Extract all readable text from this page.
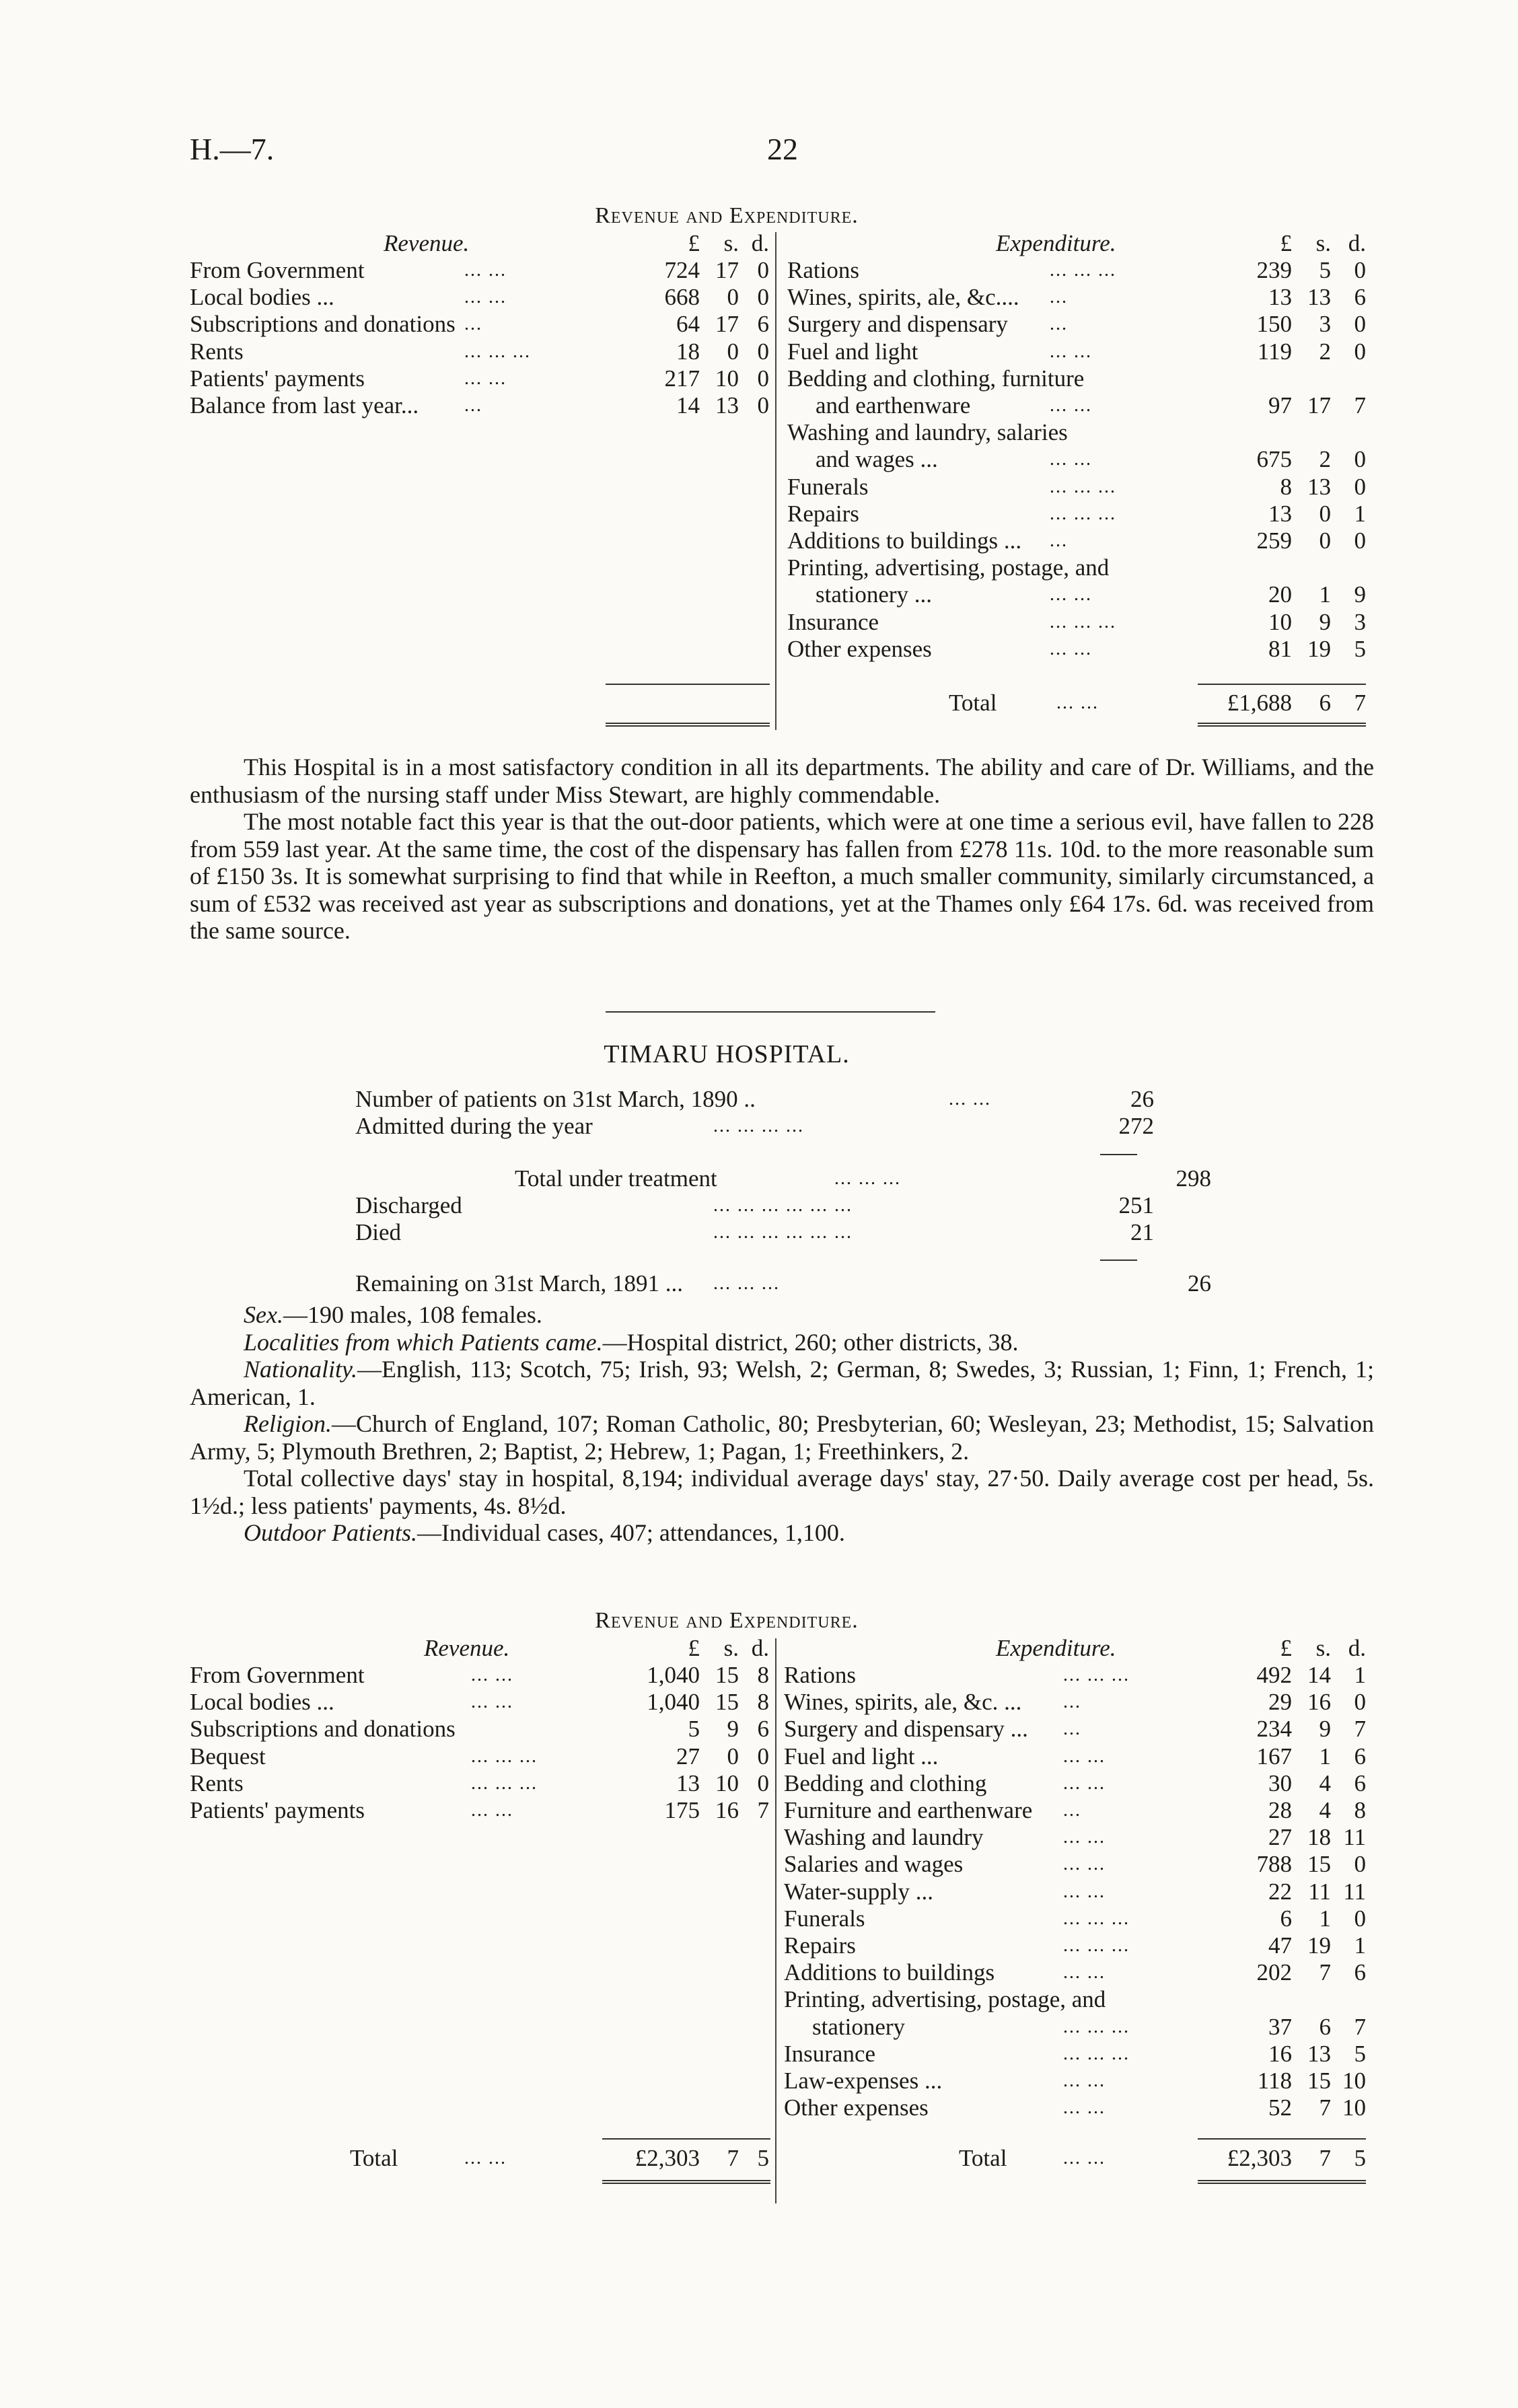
H.—7.	22
Revenue and Expenditure.
Revenue.	Expenditure.
£	s. d.	£	s. d.
From Government	... ...	724 17 0
Local bodies ...	... ...	668	0 0
Subscriptions and donations ...	64 17 6
Rents	... ... ...	18	0 0
Patients' payments	... ...	217 10 0
Balance from last year... ...	14 13 0
Rations	... ... ...	239	5 0
Wines, spirits, ale, &c.... ...	13 13 6
Surgery and dispensary ...	150	3 0
Fuel and light	... ...	119	2 0
Bedding and clothing, furniture
and earthenware	... ...	97 17 7
Washing and laundry, salaries
and wages ...	... ...	675	2 0
Funerals	... ... ...	8 13 0
Repairs	... ... ...	13	0 1
Additions to buildings ... ...	259	0 0
Printing, advertising, postage, and
stationery ...	... ...	20	1 9
Insurance	... ... ...	10	9 3
Other expenses	... ...	81 19 5
Total	... ...	£1,688	6 7
This Hospital is in a most satisfactory condition in all its departments. The ability and care of Dr. Williams, and the enthusiasm of the nursing staff under Miss Stewart, are highly commendable.
The most notable fact this year is that the out-door patients, which were at one time a serious evil, have fallen to 228 from 559 last year. At the same time, the cost of the dispensary has fallen from £278 11s. 10d. to the more reasonable sum of £150 3s. It is somewhat surprising to find that while in Reefton, a much smaller community, similarly circumstanced, a sum of £532 was received ast year as subscriptions and donations, yet at the Thames only £64 17s. 6d. was received from the same source.
TIMARU HOSPITAL.
Number of patients on 31st March, 1890 ..	... ...	26
Admitted during the year	... ... ... ...	272
Total under treatment	... ... ...	298
Discharged	... ... ... ... ... ...	251
Died	... ... ... ... ... ...	21
Remaining on 31st March, 1891 ... ... ... ...	26
Sex.—190 males, 108 females.
Localities from which Patients came.—Hospital district, 260; other districts, 38.
Nationality.—English, 113; Scotch, 75; Irish, 93; Welsh, 2; German, 8; Swedes, 3; Russian, 1; Finn, 1; French, 1; American, 1.
Religion.—Church of England, 107; Roman Catholic, 80; Presbyterian, 60; Wesleyan, 23; Methodist, 15; Salvation Army, 5; Plymouth Brethren, 2; Baptist, 2; Hebrew, 1; Pagan, 1; Freethinkers, 2.
Total collective days' stay in hospital, 8,194; individual average days' stay, 27·50. Daily average cost per head, 5s. 1½d.; less patients' payments, 4s. 8½d.
Outdoor Patients.—Individual cases, 407; attendances, 1,100.
Revenue and Expenditure.
Revenue.	Expenditure.
£	s. d.	£	s. d.
From Government	... ...	1,040 15 8
Local bodies ...	... ...	1,040 15 8
Subscriptions and donations	5	9 6
Bequest	... ... ...	27	0 0
Rents	... ... ...	13 10 0
Patients' payments	... ...	175 16 7
Rations	... ... ...	492 14 1
Wines, spirits, ale, &c. ... ...	29 16 0
Surgery and dispensary ... ...	234	9 7
Fuel and light ...	... ...	167	1 6
Bedding and clothing	... ...	30	4 6
Furniture and earthenware ...	28	4 8
Washing and laundry	... ...	27 18 11
Salaries and wages	... ...	788 15 0
Water-supply ...	... ...	22 11 11
Funerals	... ... ...	6	1 0
Repairs	... ... ...	47 19 1
Additions to buildings	... ...	202	7 6
Printing, advertising, postage, and
stationery	... ... ...	37	6 7
Insurance	... ... ...	16 13 5
Law-expenses ...	... ...	118 15 10
Other expenses	... ...	52	7 10
Total	... ...	£2,303	7 5	Total	... ...	£2,303	7 5
